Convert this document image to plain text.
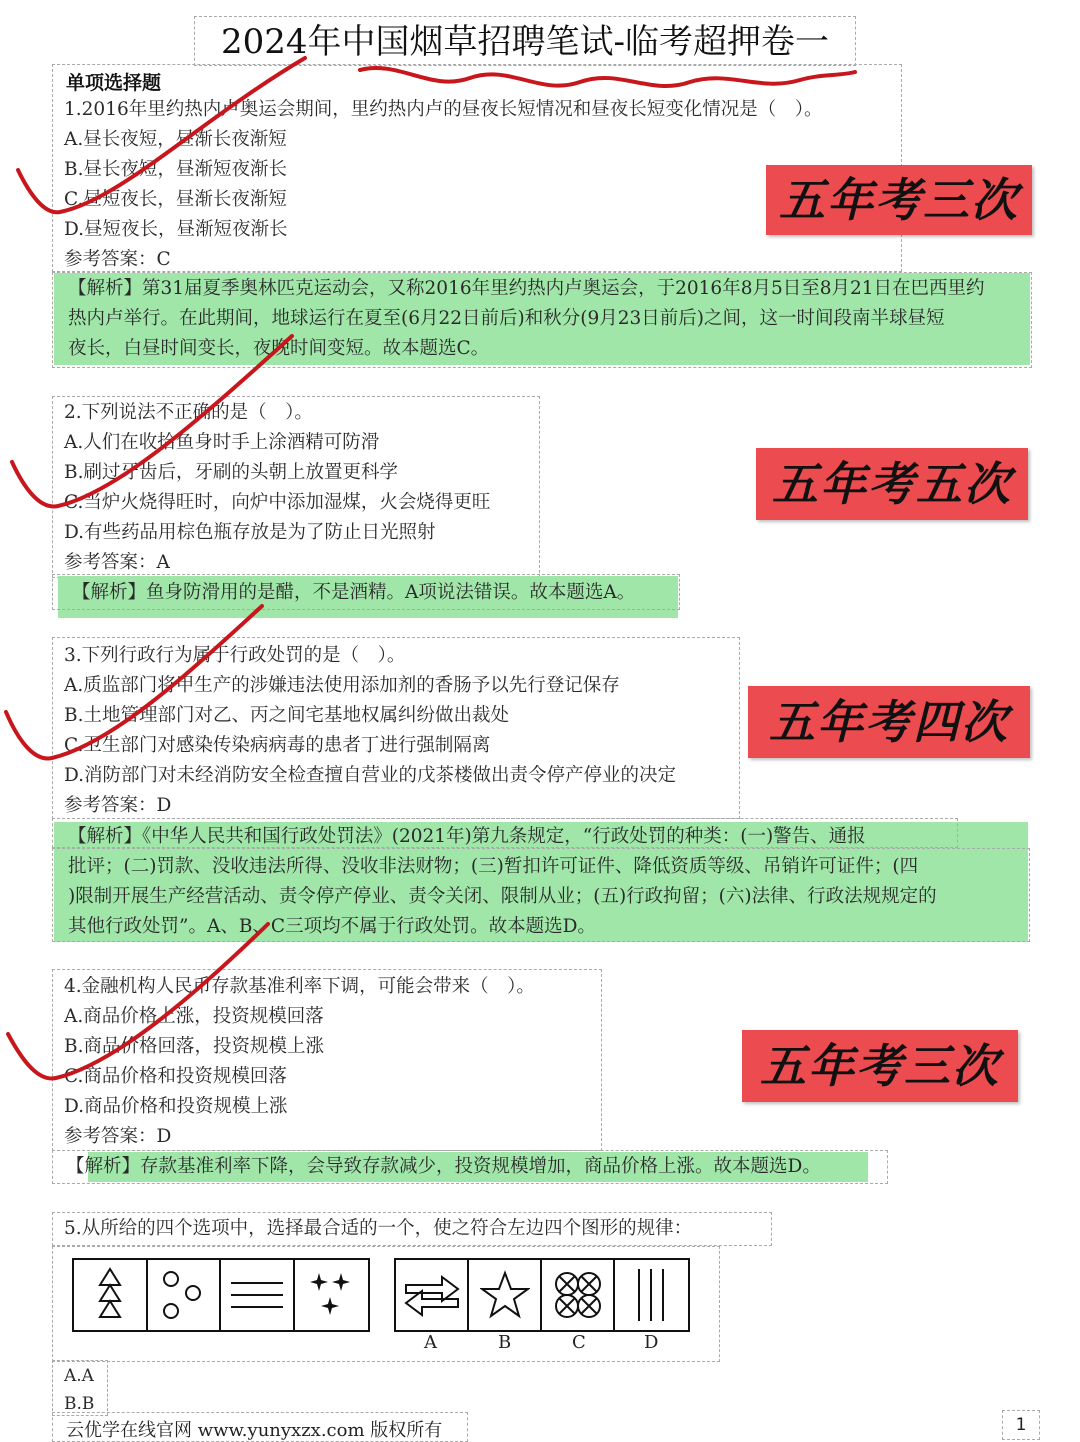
2024年中国烟草招聘笔试-临考超押卷一
单项选择题
1.2016年里约热内卢奥运会期间，里约热内卢的昼夜长短情况和昼夜长短变化情况是（　）。
A.昼长夜短，昼渐长夜渐短
B.昼长夜短，昼渐短夜渐长
C.昼短夜长，昼渐长夜渐短
D.昼短夜长，昼渐短夜渐长
参考答案：C

【解析】第31届夏季奥林匹克运动会，又称2016年里约热内卢奥运会，于2016年8月5日至8月21日在巴西里约

热内卢举行。在此期间，地球运行在夏至(6月22日前后)和秋分(9月23日前后)之间，这一时间段南半球昼短

夜长，白昼时间变长，夜晚时间变短。故本题选C。

五年考三次
2.下列说法不正确的是（　）。
A.人们在收拾鱼身时手上涂酒精可防滑
B.刷过牙齿后，牙刷的头朝上放置更科学
C.当炉火烧得旺时，向炉中添加湿煤，火会烧得更旺
D.有些药品用棕色瓶存放是为了防止日光照射
参考答案：A

【解析】鱼身防滑用的是醋，不是酒精。A项说法错误。故本题选A。

五年考五次
3.下列行政行为属于行政处罚的是（　）。
A.质监部门将甲生产的涉嫌违法使用添加剂的香肠予以先行登记保存
B.土地管理部门对乙、丙之间宅基地权属纠纷做出裁处
C.卫生部门对感染传染病病毒的患者丁进行强制隔离
D.消防部门对未经消防安全检查擅自营业的戊茶楼做出责令停产停业的决定
参考答案：D

【解析】《中华人民共和国行政处罚法》(2021年)第九条规定，“行政处罚的种类：(一)警告、通报

批评；(二)罚款、没收违法所得、没收非法财物；(三)暂扣许可证件、降低资质等级、吊销许可证件；(四

)限制开展生产经营活动、责令停产停业、责令关闭、限制从业；(五)行政拘留；(六)法律、行政法规规定的

其他行政处罚”。A、B、C三项均不属于行政处罚。故本题选D。

五年考四次
4.金融机构人民币存款基准利率下调，可能会带来（　）。
A.商品价格上涨，投资规模回落
B.商品价格回落，投资规模上涨
C.商品价格和投资规模回落
D.商品价格和投资规模上涨
参考答案：D
【解析】存款基准利率下降，会导致存款减少，投资规模增加，商品价格上涨。故本题选D。
五年考三次
5.从所给的四个选项中，选择最合适的一个，使之符合左边四个图形的规律：
A	B	C	D
A.A
B.B
云优学在线官网 www.yunyxzx.com 版权所有	1
